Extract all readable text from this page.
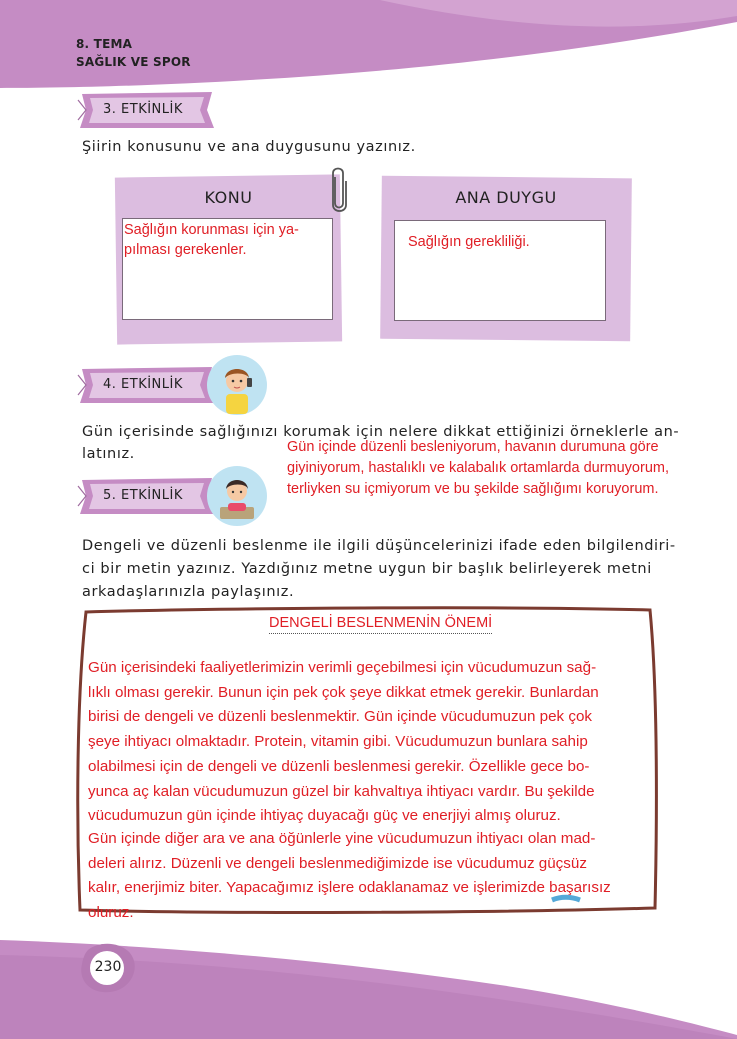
8. TEMA
SAĞLIK VE SPOR
3. ETKİNLİK
Şiirin konusunu ve ana duygusunu yazınız.
KONU
Sağlığın korunması için ya-
pılması gerekenler.
ANA DUYGU
Sağlığın gerekliliği.
4. ETKİNLİK
Gün içerisinde sağlığınızı korumak için nelere dikkat ettiğinizi örneklerle an-
latınız.	Gün içinde düzenli besleniyorum, havanın durumuna göre
giyiniyorum, hastalıklı ve kalabalık ortamlarda durmuyorum,
terliyken su içmiyorum ve bu şekilde sağlığımı koruyorum.
5. ETKİNLİK
Dengeli ve düzenli beslenme ile ilgili düşüncelerinizi ifade eden bilgilendiri-
ci bir metin yazınız. Yazdığınız metne uygun bir başlık belirleyerek metni
arkadaşlarınızla paylaşınız.
DENGELİ BESLENMENİN ÖNEMİ
Gün içerisindeki faaliyetlerimizin verimli geçebilmesi için vücudumuzun sağ-
lıklı olması gerekir. Bunun için pek çok şeye dikkat etmek gerekir. Bunlardan
birisi de dengeli ve düzenli beslenmektir. Gün içinde vücudumuzun pek çok
şeye ihtiyacı olmaktadır. Protein, vitamin gibi. Vücudumuzun bunlara sahip
olabilmesi için de dengeli ve düzenli beslenmesi gerekir. Özellikle gece bo-
yunca aç kalan vücudumuzun güzel bir kahvaltıya ihtiyacı vardır. Bu şekilde
vücudumuzun gün içinde ihtiyaç duyacağı güç ve enerjiyi almış oluruz.
Gün içinde diğer ara ve ana öğünlerle yine vücudumuzun ihtiyacı olan mad-
deleri alırız. Düzenli ve dengeli beslenmediğimizde ise vücudumuz güçsüz
kalır, enerjimiz biter. Yapacağımız işlere odaklanamaz ve işlerimizde başarısız
oluruz.
230
